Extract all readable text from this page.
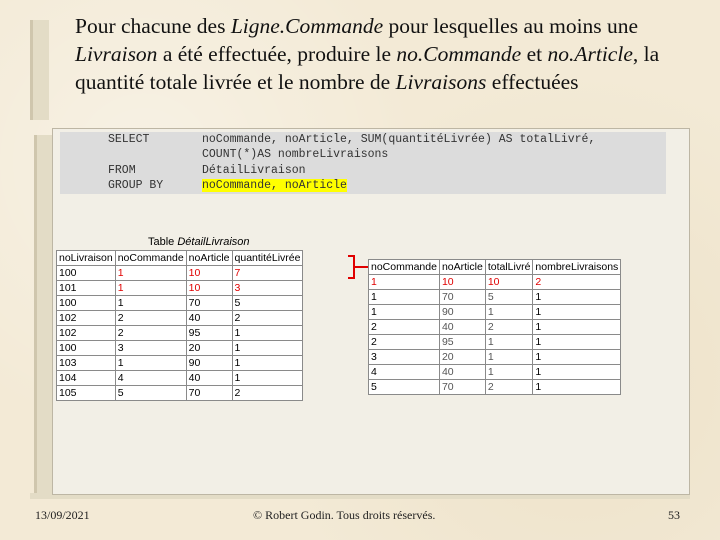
Pour chacune des Ligne.Commande pour lesquelles au moins une Livraison a été effectuée, produire le no.Commande et no.Article, la quantité totale livrée et le nombre de Livraisons effectuées
SELECT	noCommande, noArticle, SUM(quantitéLivrée) AS totalLivré,
COUNT(*)AS nombreLivraisons
FROM	DétailLivraison
GROUP BY	noCommande, noArticle
Table DétailLivraison
noLivraison	noCommande	noArticle	quantitéLivrée
100	1	10	7
101	1	10	3
100	1	70	5
102	2	40	2
102	2	95	1
100	3	20	1
103	1	90	1
104	4	40	1
105	5	70	2
noCommande	noArticle	totalLivré	nombreLivraisons
1	10	10	2
1	70	5	1
1	90	1	1
2	40	2	1
2	95	1	1
3	20	1	1
4	40	1	1
5	70	2	1
13/09/2021	© Robert Godin. Tous droits réservés.	53
